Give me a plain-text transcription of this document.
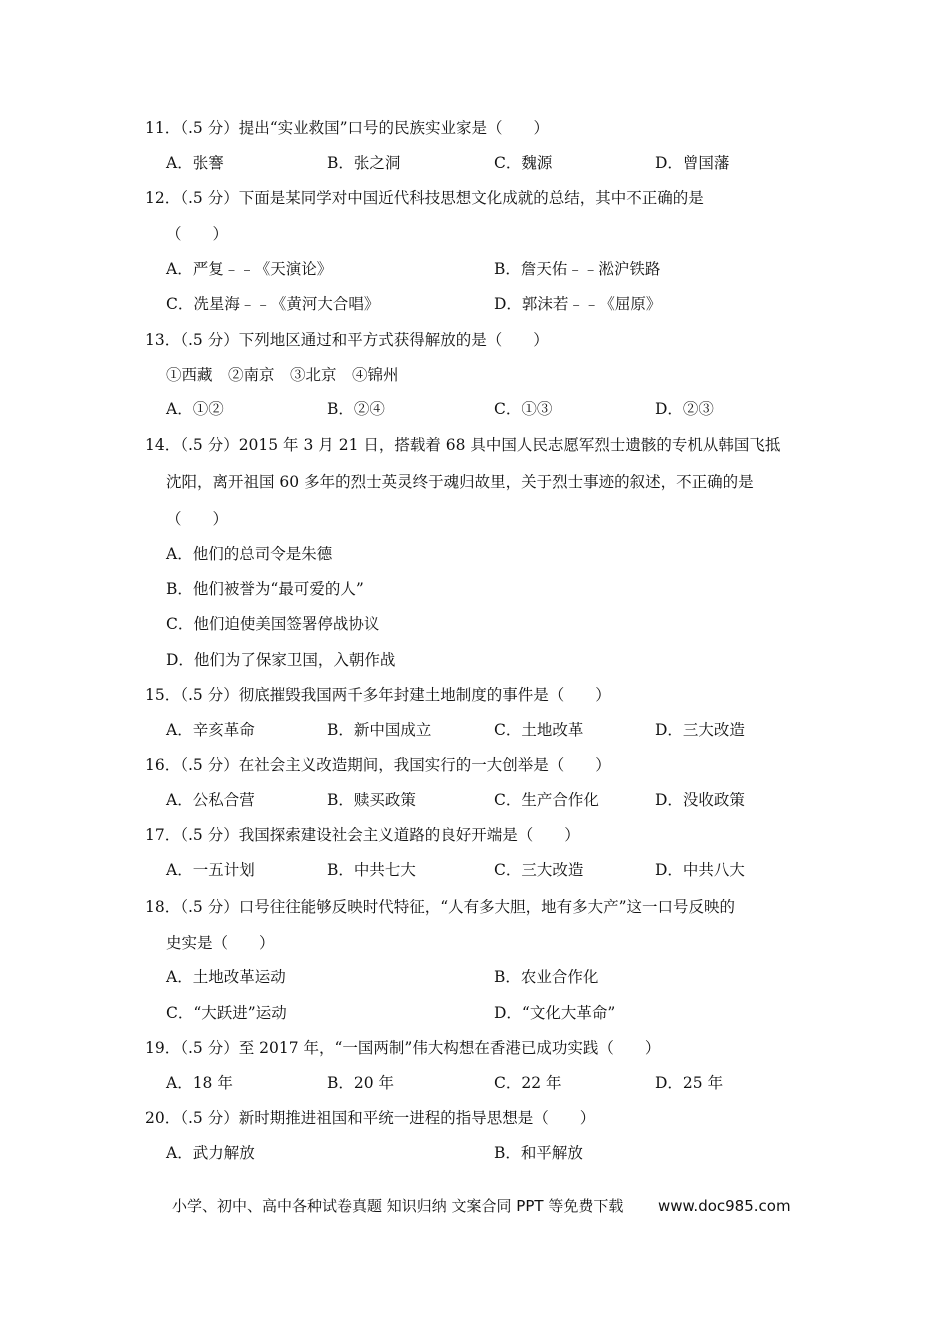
11．（.5 分）提出“实业救国”口号的民族实业家是（　　）
A．张謇	B．张之洞	C．魏源	D．曾国藩
12．（.5 分）下面是某同学对中国近代科技思想文化成就的总结，其中不正确的是
（　　）
A．严复﹣﹣《天演论》	B．詹天佑﹣﹣淞沪铁路
C．冼星海﹣﹣《黄河大合唱》	D．郭沫若﹣﹣《屈原》
13．（.5 分）下列地区通过和平方式获得解放的是（　　）
①西藏　②南京　③北京　④锦州
A．①②	B．②④	C．①③	D．②③
14．（.5 分）2015 年 3 月 21 日，搭载着 68 具中国人民志愿军烈士遗骸的专机从韩国飞抵
沈阳，离开祖国 60 多年的烈士英灵终于魂归故里，关于烈士事迹的叙述，不正确的是
（　　）
A．他们的总司令是朱德
B．他们被誉为“最可爱的人”
C．他们迫使美国签署停战协议
D．他们为了保家卫国，入朝作战
15．（.5 分）彻底摧毁我国两千多年封建土地制度的事件是（　　）
A．辛亥革命	B．新中国成立	C．土地改革	D．三大改造
16．（.5 分）在社会主义改造期间，我国实行的一大创举是（　　）
A．公私合营	B．赎买政策	C．生产合作化	D．没收政策
17．（.5 分）我国探索建设社会主义道路的良好开端是（　　）
A．一五计划	B．中共七大	C．三大改造	D．中共八大
18．（.5 分）口号往往能够反映时代特征，“人有多大胆，地有多大产”这一口号反映的
史实是（　　）
A．土地改革运动	B．农业合作化
C．“大跃进”运动	D．“文化大革命”
19．（.5 分）至 2017 年，“一国两制”伟大构想在香港已成功实践（　　）
A．18 年	B．20 年	C．22 年	D．25 年
20．（.5 分）新时期推进祖国和平统一进程的指导思想是（　　）
A．武力解放	B．和平解放
小学、初中、高中各种试卷真题 知识归纳 文案合同 PPT 等免费下载 www.doc985.com
